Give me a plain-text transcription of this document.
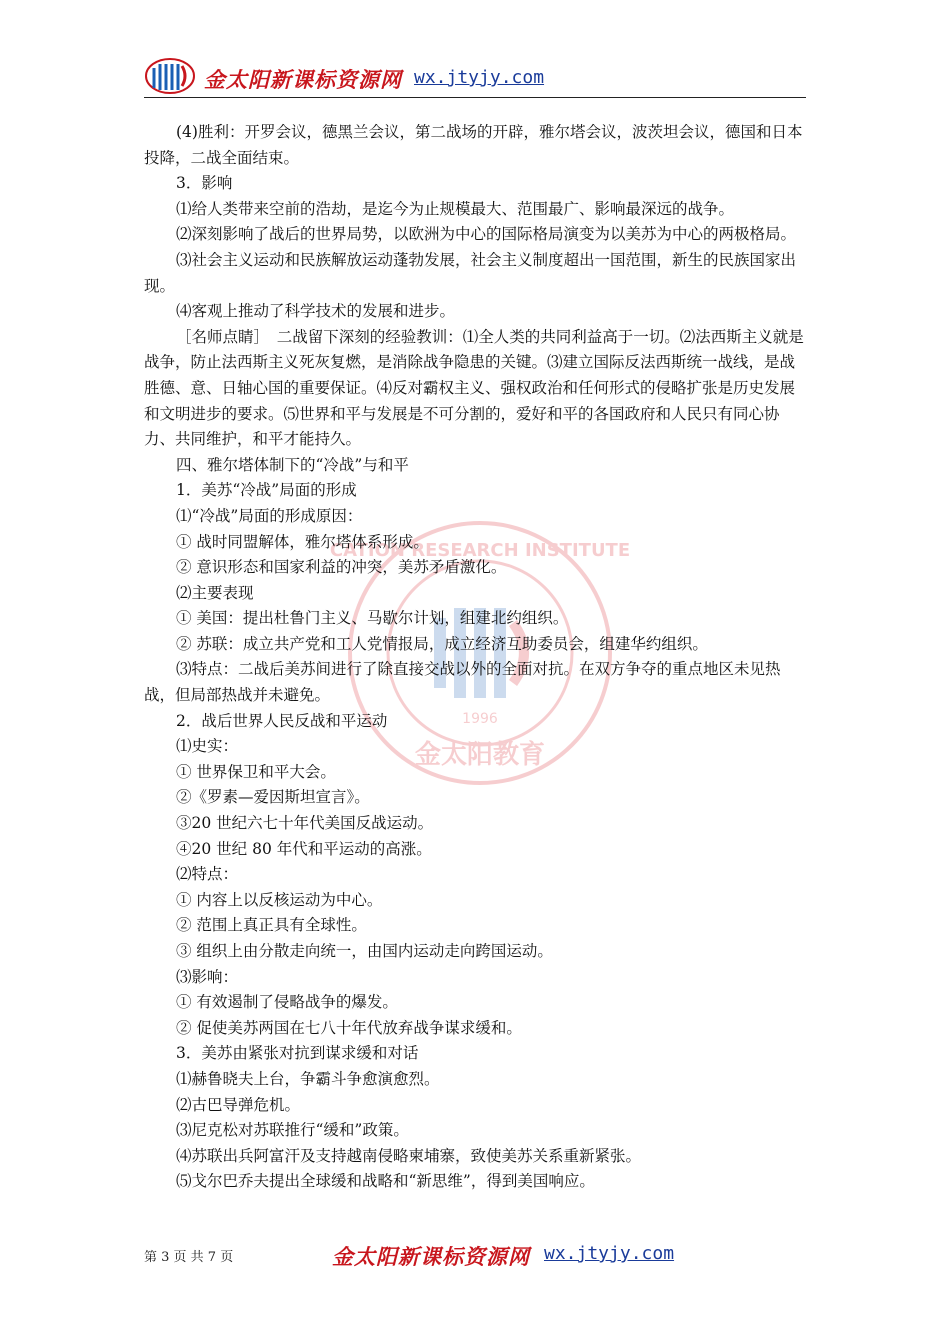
金太阳新课标资源网 wx.jtyjy.com
1996
金太阳教育
CATION RESEARCH INSTITUTE

(4)胜利：开罗会议，德黑兰会议，第二战场的开辟，雅尔塔会议，波茨坦会议，德国和日本投降，二战全面结束。

3．影响

⑴给人类带来空前的浩劫，是迄今为止规模最大、范围最广、影响最深远的战争。

⑵深刻影响了战后的世界局势，以欧洲为中心的国际格局演变为以美苏为中心的两极格局。

⑶社会主义运动和民族解放运动蓬勃发展，社会主义制度超出一国范围，新生的民族国家出现。

⑷客观上推动了科学技术的发展和进步。

［名师点睛］　二战留下深刻的经验教训：⑴全人类的共同利益高于一切。⑵法西斯主义就是战争，防止法西斯主义死灰复燃，是消除战争隐患的关键。⑶建立国际反法西斯统一战线，是战胜德、意、日轴心国的重要保证。⑷反对霸权主义、强权政治和任何形式的侵略扩张是历史发展和文明进步的要求。⑸世界和平与发展是不可分割的，爱好和平的各国政府和人民只有同心协力、共同维护，和平才能持久。

四、雅尔塔体制下的“冷战”与和平

1．美苏“冷战”局面的形成

⑴“冷战”局面的形成原因：

① 战时同盟解体，雅尔塔体系形成。

② 意识形态和国家利益的冲突，美苏矛盾激化。

⑵主要表现

① 美国：提出杜鲁门主义、马歇尔计划，组建北约组织。

② 苏联：成立共产党和工人党情报局，成立经济互助委员会，组建华约组织。

⑶特点：二战后美苏间进行了除直接交战以外的全面对抗。在双方争夺的重点地区未见热战，但局部热战并未避免。

2．战后世界人民反战和平运动

⑴史实：

① 世界保卫和平大会。

②《罗素—爱因斯坦宣言》。

③20 世纪六七十年代美国反战运动。

④20 世纪 80 年代和平运动的高涨。

⑵特点：

① 内容上以反核运动为中心。

② 范围上真正具有全球性。

③ 组织上由分散走向统一，由国内运动走向跨国运动。

⑶影响：

① 有效遏制了侵略战争的爆发。

② 促使美苏两国在七八十年代放弃战争谋求缓和。

3．美苏由紧张对抗到谋求缓和对话

⑴赫鲁晓夫上台，争霸斗争愈演愈烈。

⑵古巴导弹危机。

⑶尼克松对苏联推行“缓和”政策。

⑷苏联出兵阿富汗及支持越南侵略柬埔寨，致使美苏关系重新紧张。

⑸戈尔巴乔夫提出全球缓和战略和“新思维”，得到美国响应。

第 3 页 共 7 页	金太阳新课标资源网 wx.jtyjy.com
